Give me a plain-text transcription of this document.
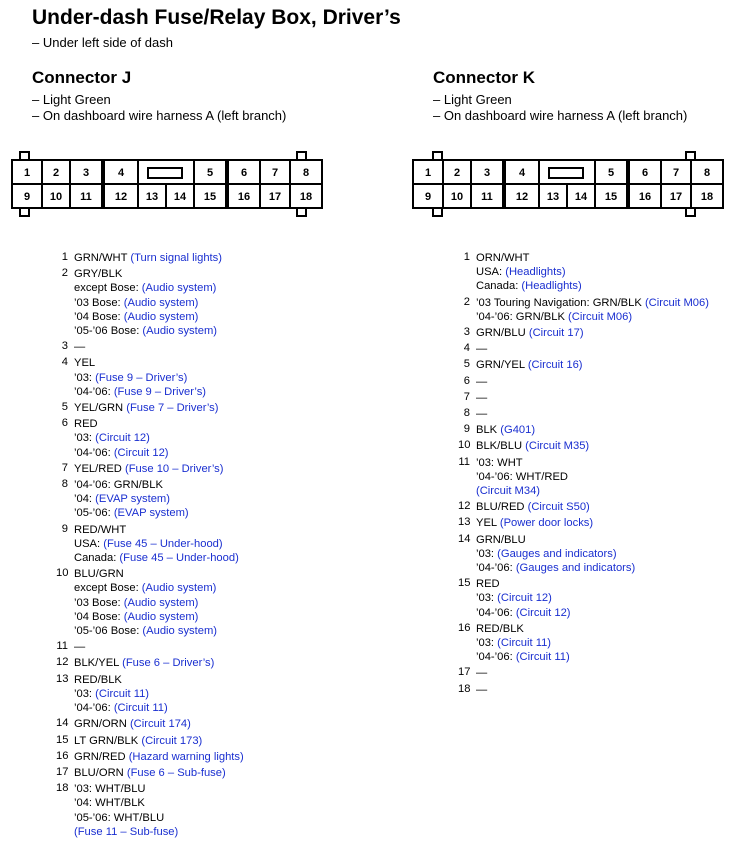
Under-dash Fuse/Relay Box, Driver’s
– Under left side of dash
Connector J
– Light Green
– On dashboard wire harness A (left branch)
Connector K
– Light Green
– On dashboard wire harness A (left branch)
1 2 3	4	5	6 7 8
9 10 11 12 13 14 15 16 17 18
1 2 3	4	5	6 7 8
9 10 11 12 13 14 15 16 17 18
1 GRN/WHT (Turn signal lights)
2 GRY/BLK
except Bose: (Audio system)
’03 Bose: (Audio system)
’04 Bose: (Audio system)
’05-’06 Bose: (Audio system)
3 —
4 YEL
’03: (Fuse 9 – Driver’s)
’04-’06: (Fuse 9 – Driver’s)
5 YEL/GRN (Fuse 7 – Driver’s)
6 RED
’03: (Circuit 12)
’04-’06: (Circuit 12)
7 YEL/RED (Fuse 10 – Driver’s)
8 ’04-’06: GRN/BLK
’04: (EVAP system)
’05-’06: (EVAP system)
9 RED/WHT
USA: (Fuse 45 – Under-hood)
Canada: (Fuse 45 – Under-hood)
10 BLU/GRN
except Bose: (Audio system)
’03 Bose: (Audio system)
’04 Bose: (Audio system)
’05-’06 Bose: (Audio system)
11 —
12 BLK/YEL (Fuse 6 – Driver’s)
13 RED/BLK
’03: (Circuit 11)
’04-’06: (Circuit 11)
14 GRN/ORN (Circuit 174)
15 LT GRN/BLK (Circuit 173)
16 GRN/RED (Hazard warning lights)
17 BLU/ORN (Fuse 6 – Sub-fuse)
18 ’03: WHT/BLU
’04: WHT/BLK
’05-’06: WHT/BLU
(Fuse 11 – Sub-fuse)
1 ORN/WHT
USA: (Headlights)
Canada: (Headlights)
2 ’03 Touring Navigation: GRN/BLK (Circuit M06)
’04-’06: GRN/BLK (Circuit M06)
3 GRN/BLU (Circuit 17)
4 —
5 GRN/YEL (Circuit 16)
6 —
7 —
8 —
9 BLK (G401)
10 BLK/BLU (Circuit M35)
11 ’03: WHT
’04-’06: WHT/RED
(Circuit M34)
12 BLU/RED (Circuit S50)
13 YEL (Power door locks)
14 GRN/BLU
’03: (Gauges and indicators)
’04-’06: (Gauges and indicators)
15 RED
’03: (Circuit 12)
’04-’06: (Circuit 12)
16 RED/BLK
’03: (Circuit 11)
’04-’06: (Circuit 11)
17 —
18 —
